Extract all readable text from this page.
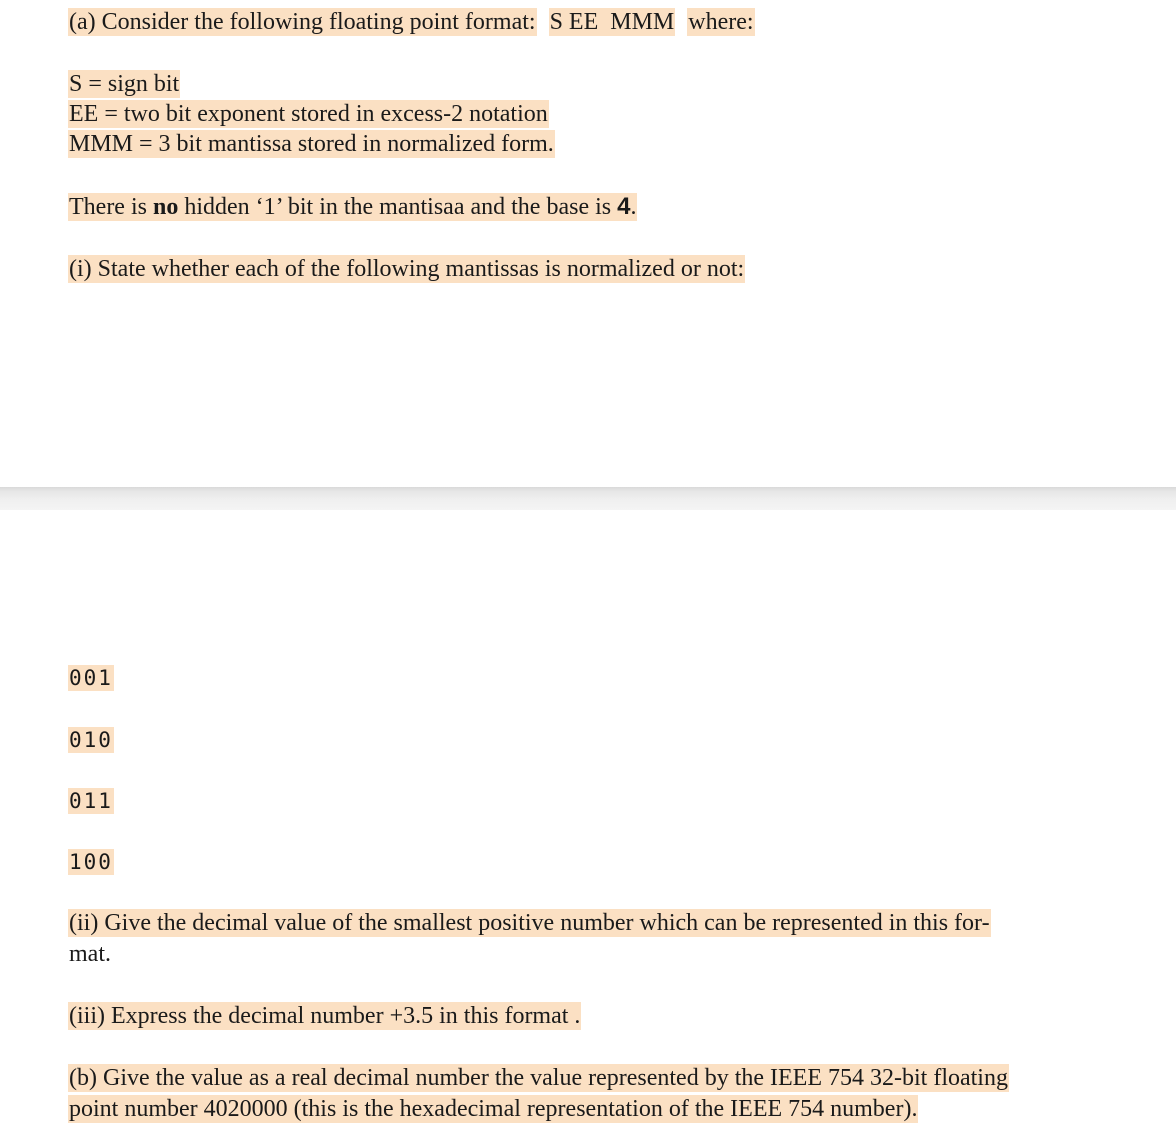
(a) Consider the following floating point format: S EE  MMM where:
S = sign bit
EE = two bit exponent stored in excess-2 notation
MMM = 3 bit mantissa stored in normalized form.
There is no hidden ‘1’ bit in the mantisaa and the base is 4.
(i) State whether each of the following mantissas is normalized or not:
001
010
011
100
(ii) Give the decimal value of the smallest positive number which can be represented in this for-
mat.
(iii) Express the decimal number +3.5 in this format .
(b) Give the value as a real decimal number the value represented by the IEEE 754 32-bit floating
point number 4020000 (this is the hexadecimal representation of the IEEE 754 number).
